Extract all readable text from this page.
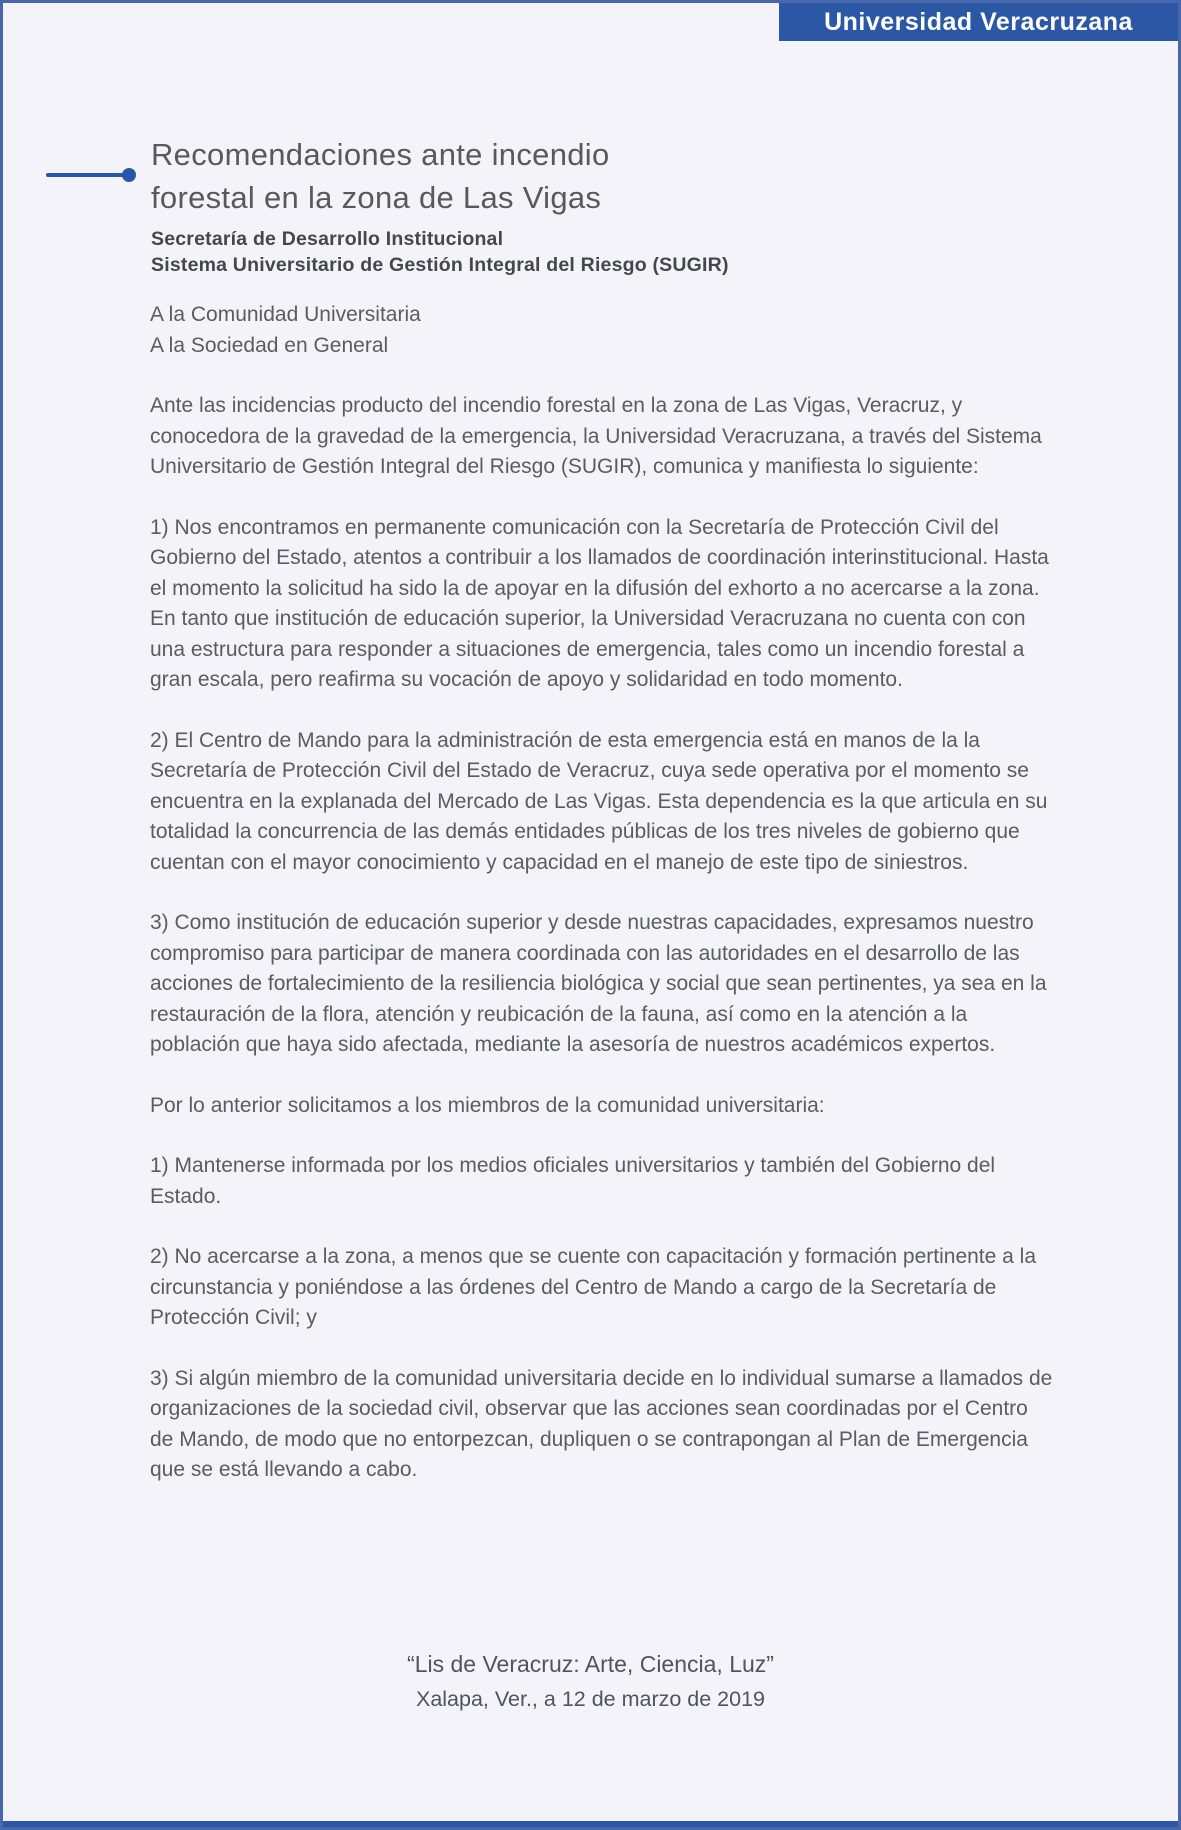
Universidad Veracruzana
Recomendaciones ante incendio
forestal en la zona de Las Vigas
Secretaría de Desarrollo Institucional
Sistema Universitario de Gestión Integral del Riesgo (SUGIR)
A la Comunidad Universitaria
A la Sociedad en General

Ante las incidencias producto del incendio forestal en la zona de Las Vigas, Veracruz, y conocedora de la gravedad de la emergencia, la Universidad Veracruzana, a través del Sistema Universitario de Gestión Integral del Riesgo (SUGIR), comunica y manifiesta lo siguiente:

1) Nos encontramos en permanente comunicación con la Secretaría de Protección Civil del Gobierno del Estado, atentos a contribuir a los llamados de coordinación interinstitucional. Hasta el momento la solicitud ha sido la de apoyar en la difusión del exhorto a no acercarse a la zona. En tanto que institución de educación superior, la Universidad Veracruzana no cuenta con con una estructura para responder a situaciones de emergencia, tales como un incendio forestal a gran escala, pero reafirma su vocación de apoyo y solidaridad en todo momento.

2) El Centro de Mando para la administración de esta emergencia está en manos de la la Secretaría de Protección Civil del Estado de Veracruz, cuya sede operativa por el momento se encuentra en la explanada del Mercado de Las Vigas. Esta dependencia es la que articula en su totalidad la concurrencia de las demás entidades públicas de los tres niveles de gobierno que cuentan con el mayor conocimiento y capacidad en el manejo de este tipo de siniestros.

3) Como institución de educación superior y desde nuestras capacidades, expresamos nuestro compromiso para participar de manera coordinada con las autoridades en el desarrollo de las acciones de fortalecimiento de la resiliencia biológica y social que sean pertinentes, ya sea en la restauración de la flora, atención y reubicación de la fauna, así como en la atención a la población que haya sido afectada, mediante la asesoría de nuestros académicos expertos.

Por lo anterior solicitamos a los miembros de la comunidad universitaria:

1) Mantenerse informada por los medios oficiales universitarios y también del Gobierno del Estado.

2) No acercarse a la zona, a menos que se cuente con capacitación y formación pertinente a la circunstancia y poniéndose a las órdenes del Centro de Mando a cargo de la Secretaría de Protección Civil; y

3) Si algún miembro de la comunidad universitaria decide en lo individual sumarse a llamados de organizaciones de la sociedad civil, observar que las acciones sean coordinadas por el Centro de Mando, de modo que no entorpezcan, dupliquen o se contrapongan al Plan de Emergencia que se está llevando a cabo.

“Lis de Veracruz: Arte, Ciencia, Luz”
Xalapa, Ver., a 12 de marzo de 2019
